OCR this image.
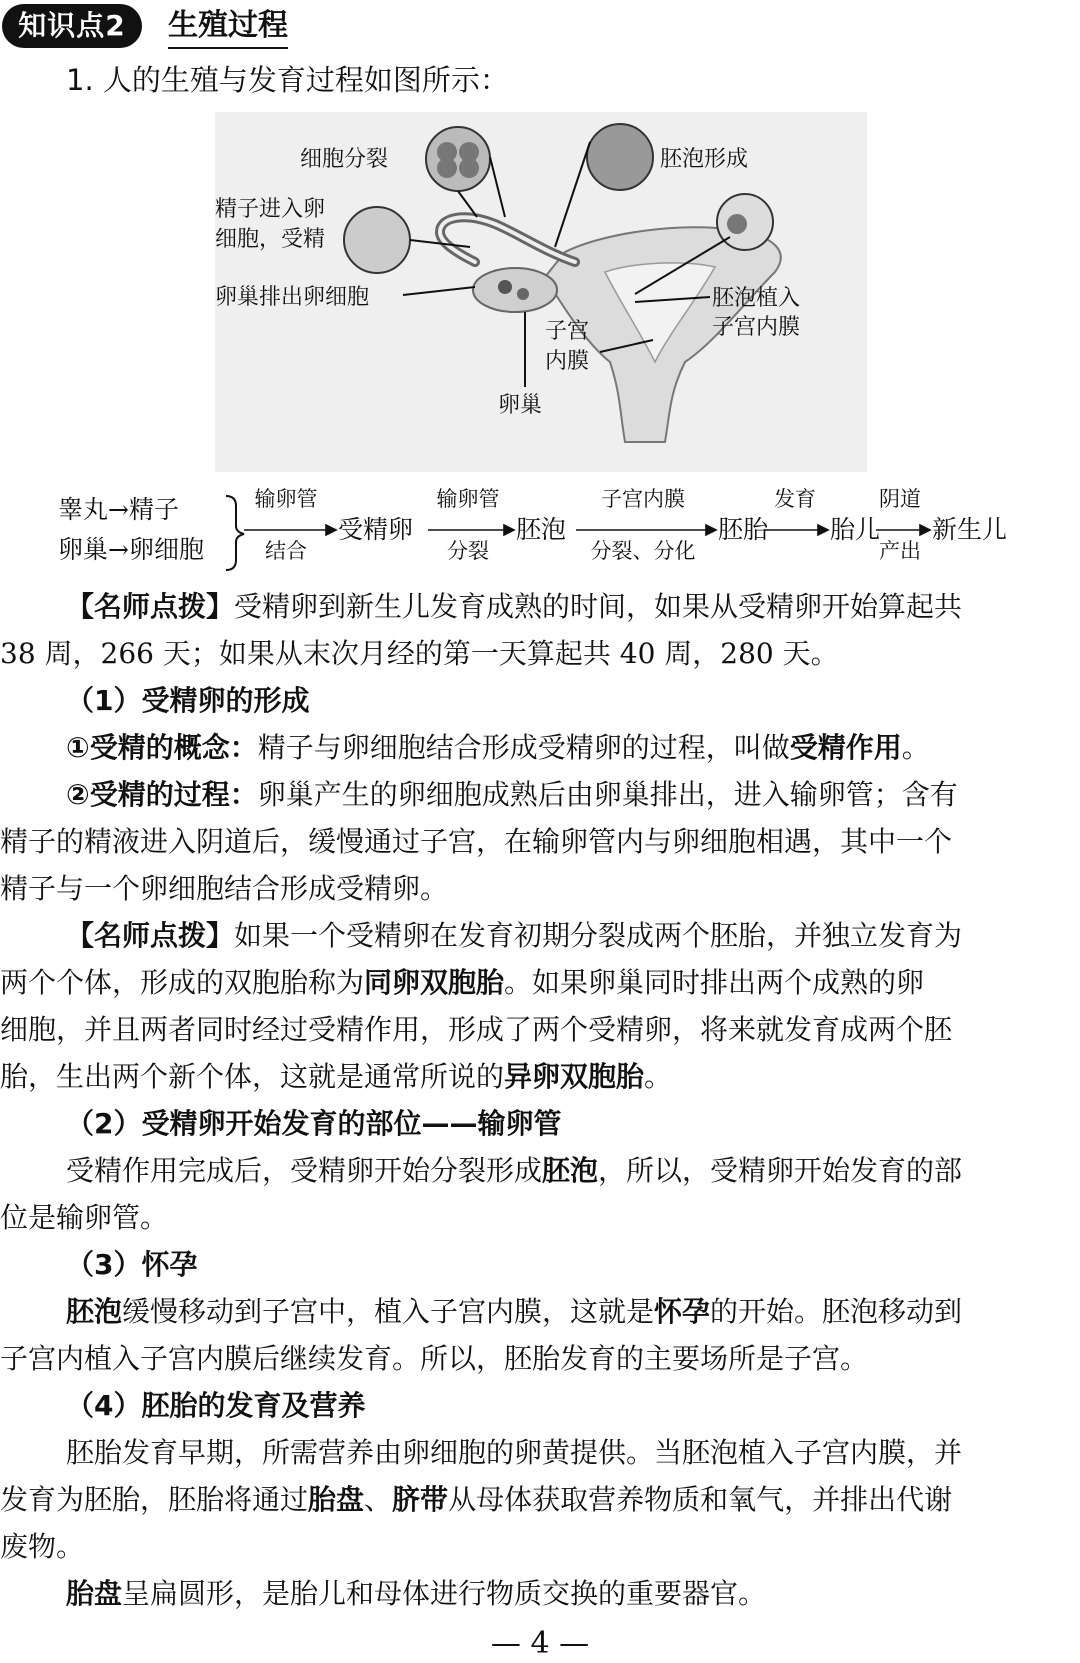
知识点2	生殖过程
1. 人的生殖与发育过程如图所示：
细胞分裂	胚泡形成
精子进入卵
细胞，受精
卵巢排出卵细胞	胚泡植入
子宫内膜
子宫
内膜
卵巢
睾丸→精子
卵巢→卵细胞
输卵管
结合
输卵管
分裂
子宫内膜
分裂、分化
发育	阴道
产出
受精卵	胚泡	胚胎 胎儿 新生儿
【名师点拨】受精卵到新生儿发育成熟的时间，如果从受精卵开始算起共
38 周，266 天；如果从末次月经的第一天算起共 40 周，280 天。
（1）受精卵的形成
①受精的概念：精子与卵细胞结合形成受精卵的过程，叫做受精作用。
②受精的过程：卵巢产生的卵细胞成熟后由卵巢排出，进入输卵管；含有
精子的精液进入阴道后，缓慢通过子宫，在输卵管内与卵细胞相遇，其中一个
精子与一个卵细胞结合形成受精卵。
【名师点拨】如果一个受精卵在发育初期分裂成两个胚胎，并独立发育为
两个个体，形成的双胞胎称为同卵双胞胎。如果卵巢同时排出两个成熟的卵
细胞，并且两者同时经过受精作用，形成了两个受精卵，将来就发育成两个胚
胎，生出两个新个体，这就是通常所说的异卵双胞胎。
（2）受精卵开始发育的部位——输卵管
受精作用完成后，受精卵开始分裂形成胚泡，所以，受精卵开始发育的部
位是输卵管。
（3）怀孕
胚泡缓慢移动到子宫中，植入子宫内膜，这就是怀孕的开始。胚泡移动到
子宫内植入子宫内膜后继续发育。所以，胚胎发育的主要场所是子宫。
（4）胚胎的发育及营养
胚胎发育早期，所需营养由卵细胞的卵黄提供。当胚泡植入子宫内膜，并
发育为胚胎，胚胎将通过胎盘、脐带从母体获取营养物质和氧气，并排出代谢
废物。
胎盘呈扁圆形，是胎儿和母体进行物质交换的重要器官。
— 4 —
